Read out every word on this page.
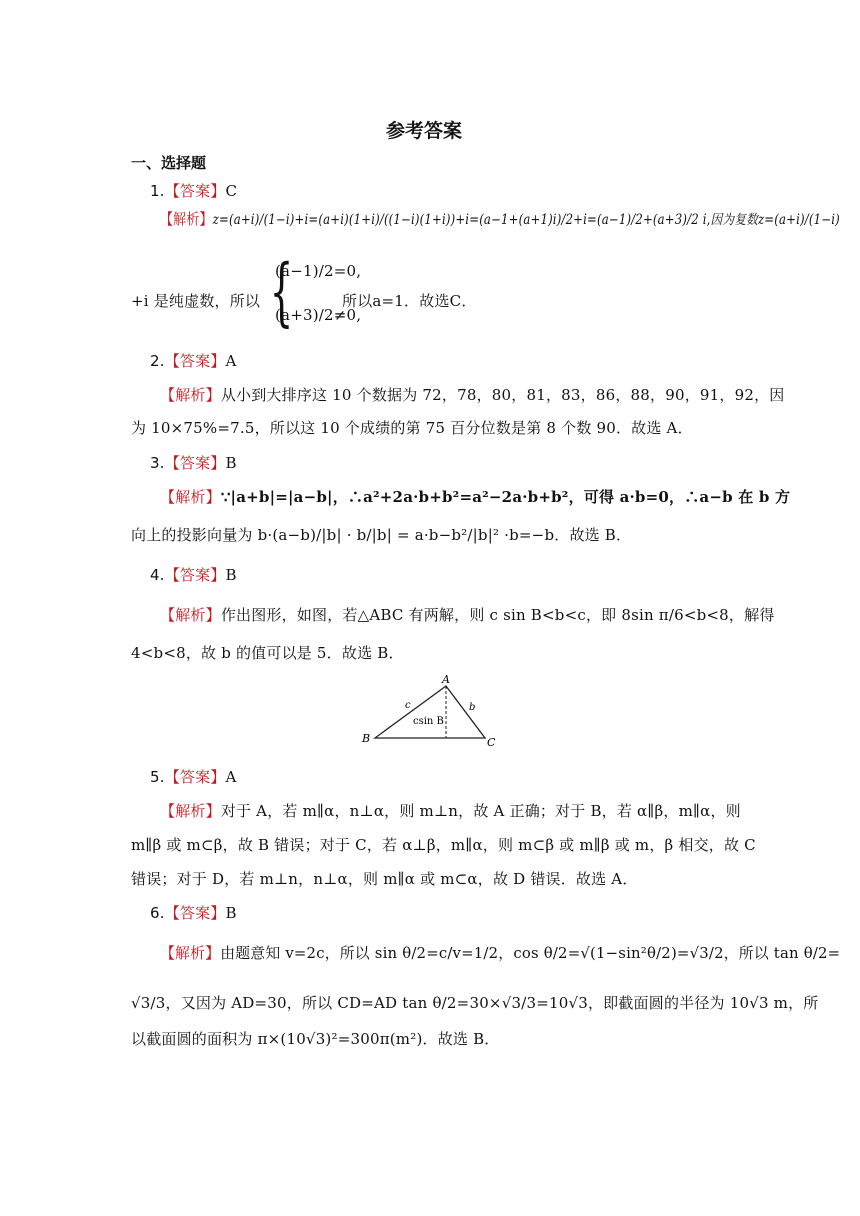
参考答案
一、选择题
1.【答案】C
【解析】z=(a+i)/(1−i)+i=(a+i)(1+i)/((1−i)(1+i))+i=(a−1+(a+1)i)/2+i=(a−1)/2+(a+3)/2 i,因为复数z=(a+i)/(1−i)
+i 是纯虚数，所以 {
(a−1)/2=0,
(a+3)/2≠0,
所以a=1．故选C．
2.【答案】A
【解析】从小到大排序这 10 个数据为 72，78，80，81，83，86，88，90，91，92，因
为 10×75%=7.5，所以这 10 个成绩的第 75 百分位数是第 8 个数 90．故选 A．
3.【答案】B
【解析】∵|a+b|=|a−b|，∴a²+2a·b+b²=a²−2a·b+b²，可得 a·b=0，∴a−b 在 b 方
向上的投影向量为 b·(a−b)/|b| · b/|b| = a·b−b²/|b|² ·b=−b．故选 B．
4.【答案】B
【解析】作出图形，如图，若△ABC 有两解，则 c sin B<b<c，即 8sin π/6<b<8，解得
4<b<8，故 b 的值可以是 5．故选 B．
A
B	C
c	b
csin B
5.【答案】A
【解析】对于 A，若 m∥α，n⊥α，则 m⊥n，故 A 正确；对于 B，若 α∥β，m∥α，则
m∥β 或 m⊂β，故 B 错误；对于 C，若 α⊥β，m∥α，则 m⊂β 或 m∥β 或 m，β 相交，故 C
错误；对于 D，若 m⊥n，n⊥α，则 m∥α 或 m⊂α，故 D 错误．故选 A．
6.【答案】B
【解析】由题意知 v=2c，所以 sin θ/2=c/v=1/2，cos θ/2=√(1−sin²θ/2)=√3/2，所以 tan θ/2=
√3/3，又因为 AD=30，所以 CD=AD tan θ/2=30×√3/3=10√3，即截面圆的半径为 10√3 m，所
以截面圆的面积为 π×(10√3)²=300π(m²)．故选 B．
